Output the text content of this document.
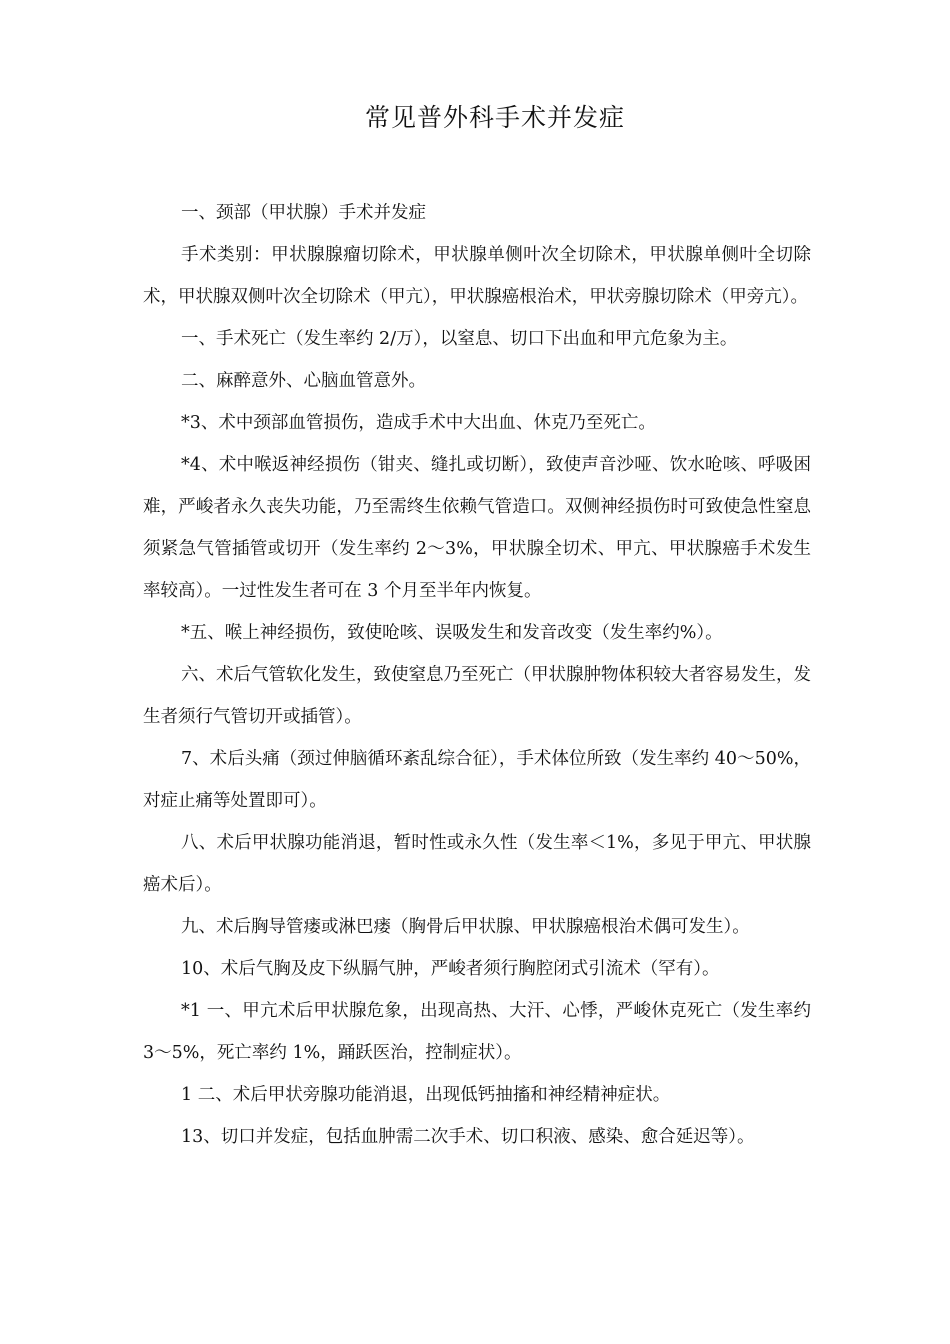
常见普外科手术并发症

一、颈部（甲状腺）手术并发症

手术类别：甲状腺腺瘤切除术，甲状腺单侧叶次全切除术，甲状腺单侧叶全切除术，甲状腺双侧叶次全切除术（甲亢），甲状腺癌根治术，甲状旁腺切除术（甲旁亢）。

一、手术死亡（发生率约 2/万），以窒息、切口下出血和甲亢危象为主。

二、麻醉意外、心脑血管意外。

*3、术中颈部血管损伤，造成手术中大出血、休克乃至死亡。

*4、术中喉返神经损伤（钳夹、缝扎或切断），致使声音沙哑、饮水呛咳、呼吸困难，严峻者永久丧失功能，乃至需终生依赖气管造口。双侧神经损伤时可致使急性窒息须紧急气管插管或切开（发生率约 2～3%，甲状腺全切术、甲亢、甲状腺癌手术发生率较高）。一过性发生者可在 3 个月至半年内恢复。

*五、喉上神经损伤，致使呛咳、误吸发生和发音改变（发生率约%）。

六、术后气管软化发生，致使窒息乃至死亡（甲状腺肿物体积较大者容易发生，发生者须行气管切开或插管）。

7、术后头痛（颈过伸脑循环紊乱综合征），手术体位所致（发生率约 40～50%，对症止痛等处置即可）。

八、术后甲状腺功能消退，暂时性或永久性（发生率＜1%，多见于甲亢、甲状腺癌术后）。

九、术后胸导管瘘或淋巴瘘（胸骨后甲状腺、甲状腺癌根治术偶可发生）。

10、术后气胸及皮下纵膈气肿，严峻者须行胸腔闭式引流术（罕有）。

*1 一、甲亢术后甲状腺危象，出现高热、大汗、心悸，严峻休克死亡（发生率约 3～5%，死亡率约 1%，踊跃医治，控制症状）。

1 二、术后甲状旁腺功能消退，出现低钙抽搐和神经精神症状。

13、切口并发症，包括血肿需二次手术、切口积液、感染、愈合延迟等）。
